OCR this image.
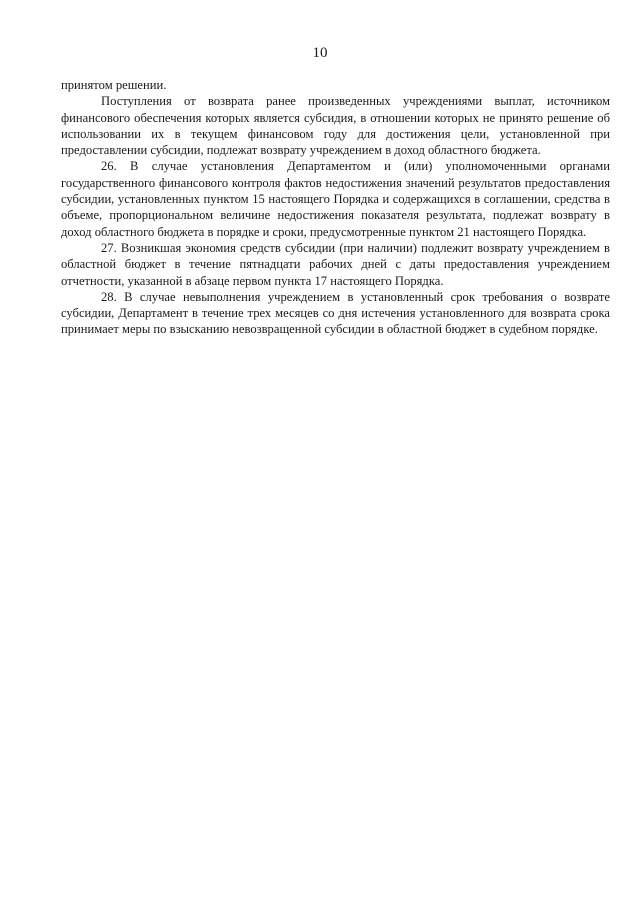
10

принятом решении.

Поступления от возврата ранее произведенных учреждениями выплат, источником финансового обеспечения которых является субсидия, в отношении которых не принято решение об использовании их в текущем финансовом году для достижения цели, установленной при предоставлении субсидии, подлежат возврату учреждением в доход областного бюджета.

26. В случае установления Департаментом и (или) уполномоченными органами государственного финансового контроля фактов недостижения значений результатов предоставления субсидии, установленных пунктом 15 настоящего Порядка и содержащихся в соглашении, средства в объеме, пропорциональном величине недостижения показателя результата, подлежат возврату в доход областного бюджета в порядке и сроки, предусмотренные пунктом 21 настоящего Порядка.

27. Возникшая экономия средств субсидии (при наличии) подлежит возврату учреждением в областной бюджет в течение пятнадцати рабочих дней с даты предоставления учреждением отчетности, указанной в абзаце первом пункта 17 настоящего Порядка.

28. В случае невыполнения учреждением в установленный срок требования о возврате субсидии, Департамент в течение трех месяцев со дня истечения установленного для возврата срока принимает меры по взысканию невозвращенной субсидии в областной бюджет в судебном порядке.
